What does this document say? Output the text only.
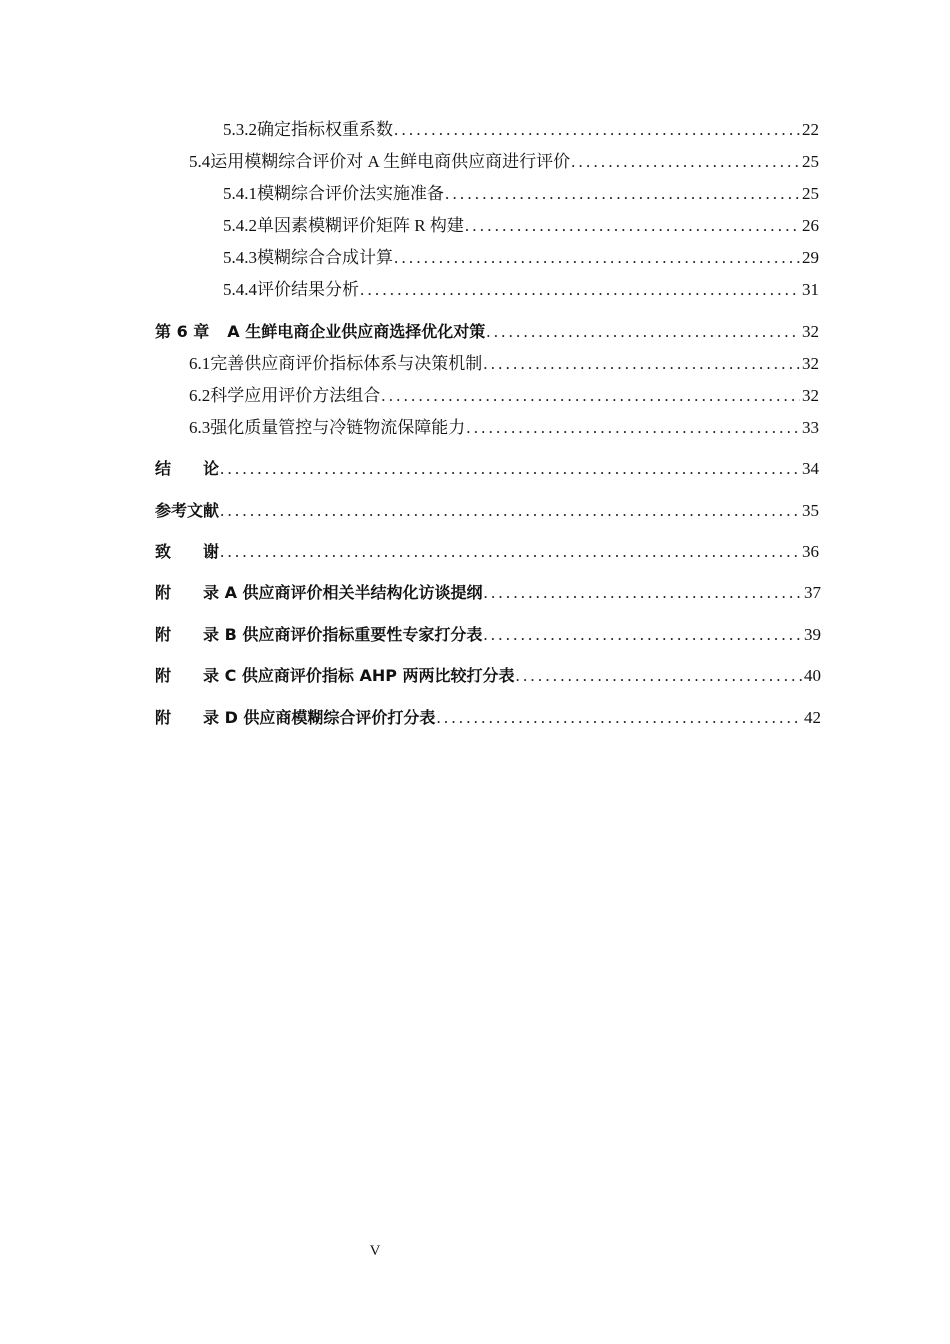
5.3.2 确定指标权重系数 .....	22
5.4 运用模糊综合评价对 A 生鲜电商供应商进行评价 .....	25
5.4.1 模糊综合评价法实施准备 .....	25
5.4.2 单因素模糊评价矩阵 R 构建 .....	26
5.4.3 模糊综合合成计算 .....	29
5.4.4 评价结果分析 .....	31
第 6 章 A 生鲜电商企业供应商选择优化对策 .....	32
6.1 完善供应商评价指标体系与决策机制 .....	32
6.2 科学应用评价方法组合 .....	32
6.3 强化质量管控与冷链物流保障能力 .....	33
结　　论 .....	34
参考文献 .....	35
致　　谢 .....	36
附　　录 A 供应商评价相关半结构化访谈提纲 .....	37
附　　录 B 供应商评价指标重要性专家打分表 .....	39
附　　录 C 供应商评价指标 AHP 两两比较打分表 .....	40
附　　录 D 供应商模糊综合评价打分表 .....	42
V
